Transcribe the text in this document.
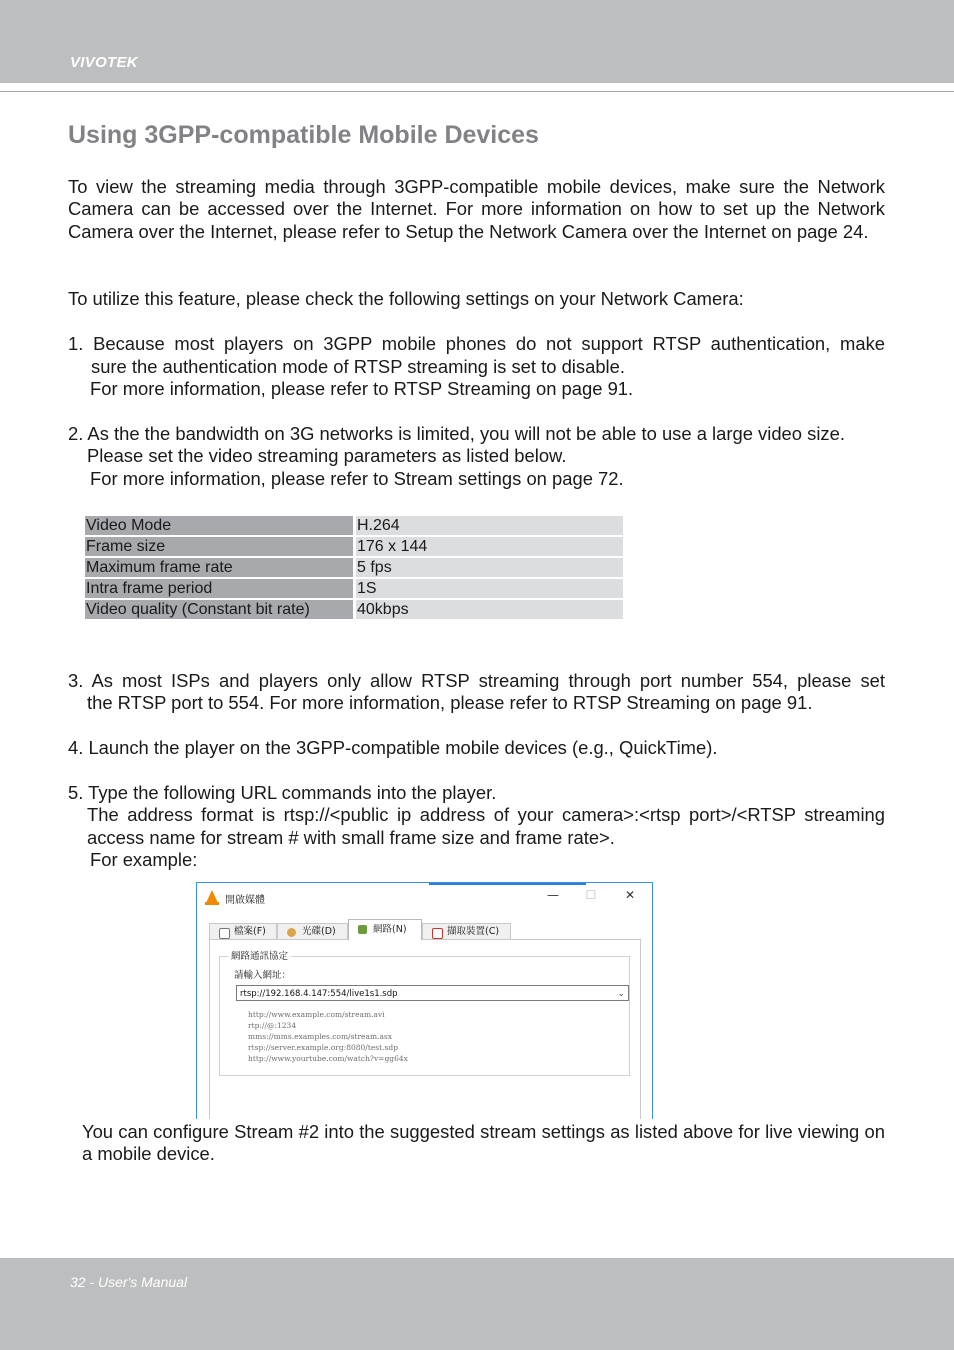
VIVOTEK
Using 3GPP-compatible Mobile Devices
To view the streaming media through 3GPP-compatible mobile devices, make sure the Network Camera can be accessed over the Internet. For more information on how to set up the Network Camera over the Internet, please refer to Setup the Network Camera over the Internet on page 24.
To utilize this feature, please check the following settings on your Network Camera:
1. Because most players on 3GPP mobile phones do not support RTSP authentication, make
sure the authentication mode of RTSP streaming is set to disable.
For more information, please refer to RTSP Streaming on page 91.
2. As the the bandwidth on 3G networks is limited, you will not be able to use a large video size.
Please set the video streaming parameters as listed below.
For more information, please refer to Stream settings on page 72.
Video Mode	H.264
Frame size	176 x 144
Maximum frame rate	5 fps
Intra frame period	1S
Video quality (Constant bit rate)	40kbps
3. As most ISPs and players only allow RTSP streaming through port number 554, please set
the RTSP port to 554. For more information, please refer to RTSP Streaming on page 91.
4. Launch the player on the 3GPP-compatible mobile devices (e.g., QuickTime).
5. Type the following URL commands into the player.
The address format is rtsp://<public ip address of your camera>:<rtsp port>/<RTSP streaming
access name for stream # with small frame size and frame rate>.
For example:
開啟媒體	—	☐	✕
檔案(F)	光碟(D)	網路(N)	擷取裝置(C)
網路通訊協定
請輸入網址：
rtsp://192.168.4.147:554/live1s1.sdp	⌄
http://www.example.com/stream.avi
rtp://@:1234
mms://mms.examples.com/stream.asx
rtsp://server.example.org:8080/test.sdp
http://www.yourtube.com/watch?v=gg64x
You can configure Stream #2 into the suggested stream settings as listed above for live viewing on a mobile device.
32 - User's Manual
